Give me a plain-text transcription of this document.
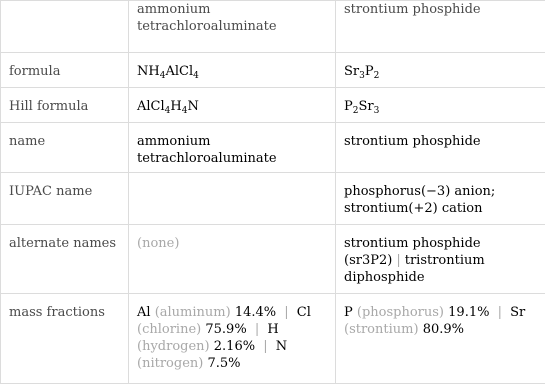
	ammonium tetrachloroaluminate	strontium phosphide
formula	$NH_4AlCl_4$	$Sr_3P_2$
Hill formula	$AlCl_4H_4N$	$P_2Sr_3$
name	ammonium tetrachloroaluminate	strontium phosphide
IUPAC name		phosphorus(−3) anion; strontium(+2) cation
alternate names	(none)	strontium phosphide (sr3P2) | tristrontium diphosphide
mass fractions	Al (aluminum) 14.4% | Cl (chlorine) 75.9% | H (hydrogen) 2.16% | N (nitrogen) 7.5%	P (phosphorus) 19.1% | Sr (strontium) 80.9%
